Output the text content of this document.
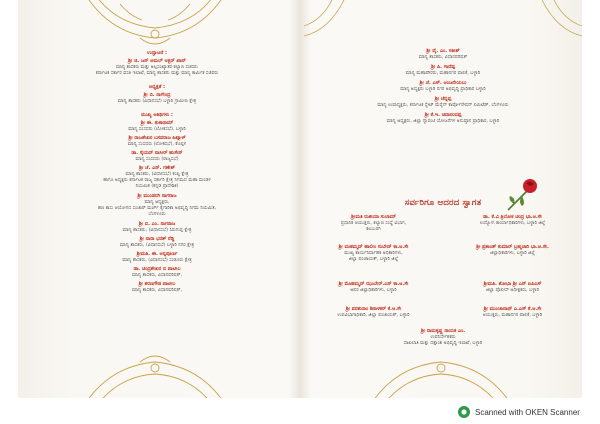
ಉದ್ಘಾಟನೆ :
ಶ್ರೀ ಜಿ. ಜನ್ ಅಮಲ್ ಅಕ್ಬರ್ ಖಾನ್
ಮಾನ್ಯ ಶಾಸಕರು ಮತ್ತು ಅಲ್ಪಸಂಖ್ಯಾತರ ಕಲ್ಯಾಣ ಸಚಿವರು
ಕರ್ನಾಟಕ ಸರ್ಕಾರ ವಸತಿ ಇಲಾಖೆ, ಮಾನ್ಯ ಶಾಸಕರು ಮತ್ತು ಮಾನ್ಯ ಕಾರ್ಮಿಕ ಸಚಿವರು
ಅಧ್ಯಕ್ಷತೆ :
ಶ್ರೀ ಬಿ. ನಾಗೇಂದ್ರ
ಮಾನ್ಯ ಶಾಸಕರು (ವಿಧಾನಸಭೆ) ಬಳ್ಳಾರಿ ಗ್ರಾಮೀಣ ಕ್ಷೇತ್ರ
ಮುಖ್ಯ ಅತಿಥಿಗಳು :
ಶ್ರೀ ಈ. ತುಕಾರಾಮ್
ಮಾನ್ಯ ಸಂಸದರು (ಲೋಕಸಭೆ), ಬಳ್ಳಾರಿ
ಶ್ರೀ ರಾಜಶೇಖರ ಬಸವರಾಜ ಹಿಟ್ನಾಳ್
ಮಾನ್ಯ ಸಂಸದರು (ಲೋಕಸಭೆ), ಕೊಪ್ಪಳ
ಡಾ. ಸೈಯದ್ ನಾಸೀರ್ ಹುಸೇನ್
ಮಾನ್ಯ ಸಂಸದರು (ರಾಜ್ಯಸಭೆ)
ಶ್ರೀ ಜೆ. ಎನ್. ಗಣೇಶ್
ಮಾನ್ಯ ಶಾಸಕರು, (ವಿಧಾನಸಭೆ) ಕಂಪ್ಲಿ ಕ್ಷೇತ್ರ
ಹಾಗೂ ಅಧ್ಯಕ್ಷರು ಕರ್ನಾಟಕ ರಾಜ್ಯ ಸರ್ಕಾರಿ ಕ್ಷೇತ್ರ ನಿಗಮದ ಮಹಾ ಮಂಡಳ
ನಿಯಮಿತ (ಕನ್ನಡ ಪ್ರಾದೇಶಿಕ)
ಶ್ರೀ ಮುಂಡರಗಿ ನಾಗರಾಜ
ಮಾನ್ಯ ಅಧ್ಯಕ್ಷರು,
ಹಣ ಕಾಸು ಆಯೋಗದ ಸಂಚಾರ್ ಮರ್ಚ್ ಕೈಗಾರಿಕಾ ಅಭಿವೃದ್ಧಿ ನಿಗಮ ನಿಯಮಿತ,
ಬೆಂಗಳೂರು
ಶ್ರೀ ಬಿ. ಎಂ. ನಾಗರಾಜ
ಮಾನ್ಯ ಶಾಸಕರು, (ವಿಧಾನಸಭೆ) ಸಿರುಗುಪ್ಪ ಕ್ಷೇತ್ರ
ಶ್ರೀ ನಾರಾ ಭರತ್ ರೆಡ್ಡಿ
ಮಾನ್ಯ ಶಾಸಕರು, (ವಿಧಾನಸಭೆ) ಬಳ್ಳಾರಿ ನಗರ ಕ್ಷೇತ್ರ
ಶ್ರೀಮತಿ. ಈ. ಅನ್ನಪೂರ್ಣ
ಮಾನ್ಯ ಶಾಸಕರು, (ವಿಧಾನಸಭೆ) ಸಂಡೂರು ಕ್ಷೇತ್ರ
ಡಾ. ಚಂದ್ರಶೇಖರ ಬಿ ಪಾಟೀಲ
ಮಾನ್ಯ ಶಾಸಕರು, ವಿಧಾನಪರಿಷತ್,
ಶ್ರೀ ಶರಣಗೌಡ ಪಾಟೀಲ
ಮಾನ್ಯ ಶಾಸಕರು, ವಿಧಾನಪರಿಷತ್,
ಶ್ರೀ ವೈ. ಎಂ. ಸತೀಶ್
ಮಾನ್ಯ ಶಾಸಕರು, ವಿಧಾನಪರಿಷತ್
ಶ್ರೀ ಪಿ. ಗಾದೆಪ್ಪ
ಮಾನ್ಯ ಮಹಾಪೌರರು, ಮಹಾನಗರ ಪಾಲಿಕೆ, ಬಳ್ಳಾರಿ
ಶ್ರೀ ಜೆ. ಎಸ್. ಆಂಜನೇಯಲು
ಮಾನ್ಯ ಅಧ್ಯಕ್ಷರು ಬಳ್ಳಾರಿ ನಗರ ಅಭಿವೃದ್ಧಿ ಪ್ರಾಧಿಕಾರ ಬಳ್ಳಾರಿ
ಶ್ರೀ ಜೆನ್ನಪ್ಪ
ಮಾನ್ಯ ಉಪಾಧ್ಯಕ್ಷರು, ಕರ್ನಾಟಕ ಸ್ಟೇಟ್ ಮೆರೈನ್ ಕಾರ್ಪೋರೇಷನ್ ಲಿಮಿಟೆಡ್, ಬೆಂಗಳೂರು
ಶ್ರೀ ಕೆ.ಇ. ಚಿದಾನಂದಪ್ಪ
ಮಾನ್ಯ ಅಧ್ಯಕ್ಷರು, ಜಿಲ್ಲಾ ಗ್ಯಾರಂಟಿ ಯೋಜನೆಗಳ ಅನುಷ್ಠಾನ ಪ್ರಾಧಿಕಾರ, ಬಳ್ಳಾರಿ
ಸರ್ವರಿಗೂ ಆದರದ ಸ್ವಾಗತ
ಶ್ರೀಮತಿ ರುಖಿಯಾ ಸುಲಾಮ್
ಪ್ರಧಾನಿಕ ಆಯುಕ್ತರು, ಕಲ್ಯಾಣ ಸಂಸ್ಥೆ ವಿಭಾಗ,
ಕಲಬುರಗಿ
ಶ್ರೀ ಮಹಮ್ಮದ್ ಹಾಲೀಂ ಸುಬೇದ್ ಕಾ.ಆ.ಸೇ
ಮುಖ್ಯ ಕಾರ್ಯನಿರ್ವಾಹಕ ಅಧಿಕಾರಿಗಳು,
ಜಿಲ್ಲಾ ಪಂಚಾಯತ್, ಬಳ್ಳಾರಿ ಜಿಲ್ಲೆ
ಶ್ರೀ ಮೊಹಮ್ಮದ್ ಝುಬೇರ್.ಎನ್ ಕಾ.ಆ.ಸೇ
ಅಪರ ಜಿಲ್ಲಾಧಿಕಾರಿಗಳು, ಬಳ್ಳಾರಿ
ಶ್ರೀ ಪರಶುರಾಂ ಶಿನಾಳಕರ್ ಕೆ.ಆ.ಸೇ
ಉಪವಿಭಾಗಾಧಿಕಾರಿ, ಜಿಲ್ಲಾ ಪಂಚಾಯತ್, ಬಳ್ಳಾರಿ
ಡಾ. ಕೆ.ವಿ ತ್ರಿಲೋಕ ಚಂದ್ರ ಭಾ.ಆ.ಸೇ
ಉದ್ಯೋಗ ಕಾರ್ಯಾಧಿಕಾರಿಗಳು, ಬಳ್ಳಾರಿ ಜಿಲ್ಲೆ
ಶ್ರೀ ಪ್ರಶಾಂತ್ ಕುಮಾರ್ ಬ್ರಹ್ಮಚಾರಿ ಭಾ.ಆ.ಸೇ.
ಜಿಲ್ಲಾಧಿಕಾರಿಗಳು, ಬಳ್ಳಾರಿ ಜಿಲ್ಲೆ
ಶ್ರೀಮತಿ. ಶೋಭಾ ಶ್ರೀ ಎನ್ ಐಪಿಎಸ್
ಜಿಲ್ಲಾ ಪೊಲೀಸ್ ಅಧೀಕ್ಷಕರು, ಬಳ್ಳಾರಿ
ಶ್ರೀ ಮುಂಜಾನಾಥ್ ಎ.ಎಸ್ ಕೆ.ಆ.ಸೇ
ಆಯುಕ್ತರು, ಮಹಾನಗರ ಪಾಲಿಕೆ, ಬಳ್ಳಾರಿ
ಶ್ರೀ ರಾಮಕೃಷ್ಣ ನಾಯಕ ಎಂ.
ಉಪನಿರ್ದೇಶಕರು
ದಾಖಲಾತಿ ಮತ್ತು ದತ್ತಾಂಶ ಅಭಿವೃದ್ಧಿ ಇಲಾಖೆ, ಬಳ್ಳಾರಿ
Scanned with OKEN Scanner
